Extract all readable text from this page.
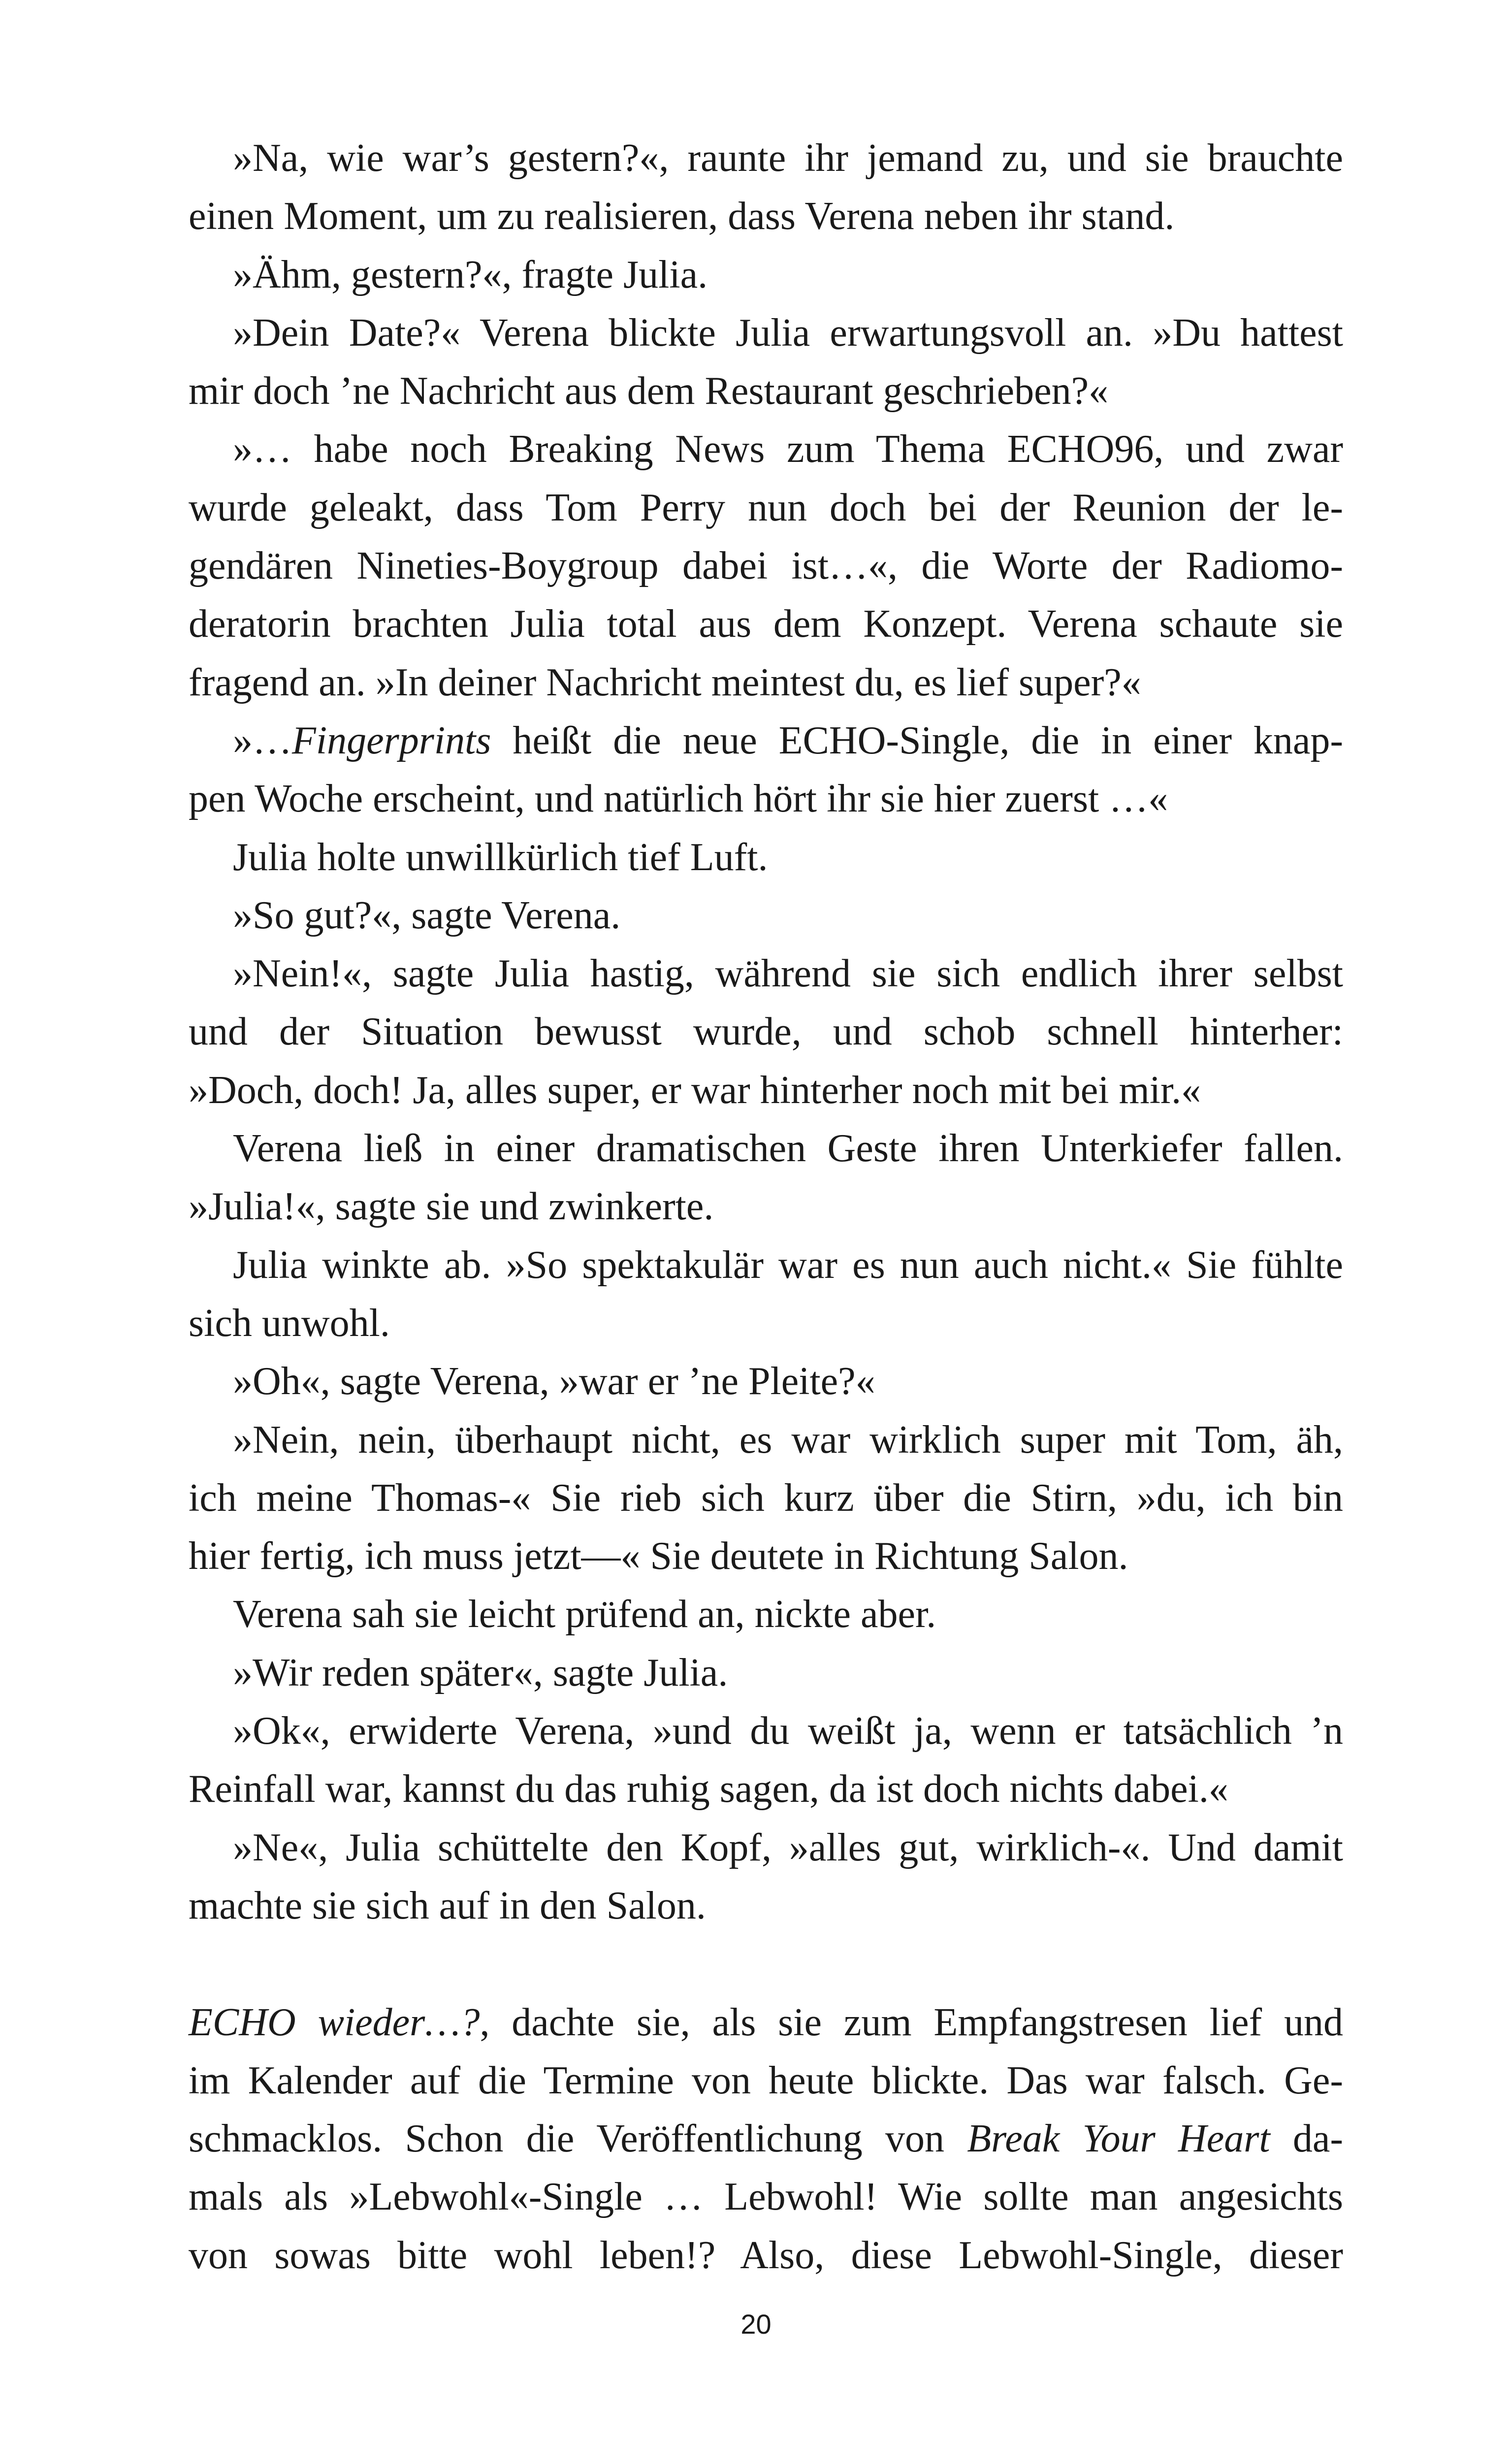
»Na, wie war’s gestern?«, raunte ihr jemand zu, und sie brauchte
einen Moment, um zu realisieren, dass Verena neben ihr stand.
»Ähm, gestern?«, fragte Julia.
»Dein Date?« Verena blickte Julia erwartungsvoll an. »Du hattest
mir doch ’ne Nachricht aus dem Restaurant geschrieben?«
»… habe noch Breaking News zum Thema ECHO96, und zwar
wurde geleakt, dass Tom Perry nun doch bei der Reunion der le-
gendären Nineties-Boygroup dabei ist…«, die Worte der Radiomo-
deratorin brachten Julia total aus dem Konzept. Verena schaute sie
fragend an. »In deiner Nachricht meintest du, es lief super?«
»…Fingerprints heißt die neue ECHO-Single, die in einer knap-
pen Woche erscheint, und natürlich hört ihr sie hier zuerst …«
Julia holte unwillkürlich tief Luft.
»So gut?«, sagte Verena.
»Nein!«, sagte Julia hastig, während sie sich endlich ihrer selbst
und der Situation bewusst wurde, und schob schnell hinterher:
»Doch, doch! Ja, alles super, er war hinterher noch mit bei mir.«
Verena ließ in einer dramatischen Geste ihren Unterkiefer fallen.
»Julia!«, sagte sie und zwinkerte.
Julia winkte ab. »So spektakulär war es nun auch nicht.« Sie fühlte
sich unwohl.
»Oh«, sagte Verena, »war er ’ne Pleite?«
»Nein, nein, überhaupt nicht, es war wirklich super mit Tom, äh,
ich meine Thomas-« Sie rieb sich kurz über die Stirn, »du, ich bin
hier fertig, ich muss jetzt—« Sie deutete in Richtung Salon.
Verena sah sie leicht prüfend an, nickte aber.
»Wir reden später«, sagte Julia.
»Ok«, erwiderte Verena, »und du weißt ja, wenn er tatsächlich ’n
Reinfall war, kannst du das ruhig sagen, da ist doch nichts dabei.«
»Ne«, Julia schüttelte den Kopf, »alles gut, wirklich-«. Und damit
machte sie sich auf in den Salon.
ECHO wieder…?, dachte sie, als sie zum Empfangstresen lief und
im Kalender auf die Termine von heute blickte. Das war falsch. Ge-
schmacklos. Schon die Veröffentlichung von Break Your Heart da-
mals als »Lebwohl«-Single … Lebwohl! Wie sollte man angesichts
von sowas bitte wohl leben!? Also, diese Lebwohl-Single, dieser
20
